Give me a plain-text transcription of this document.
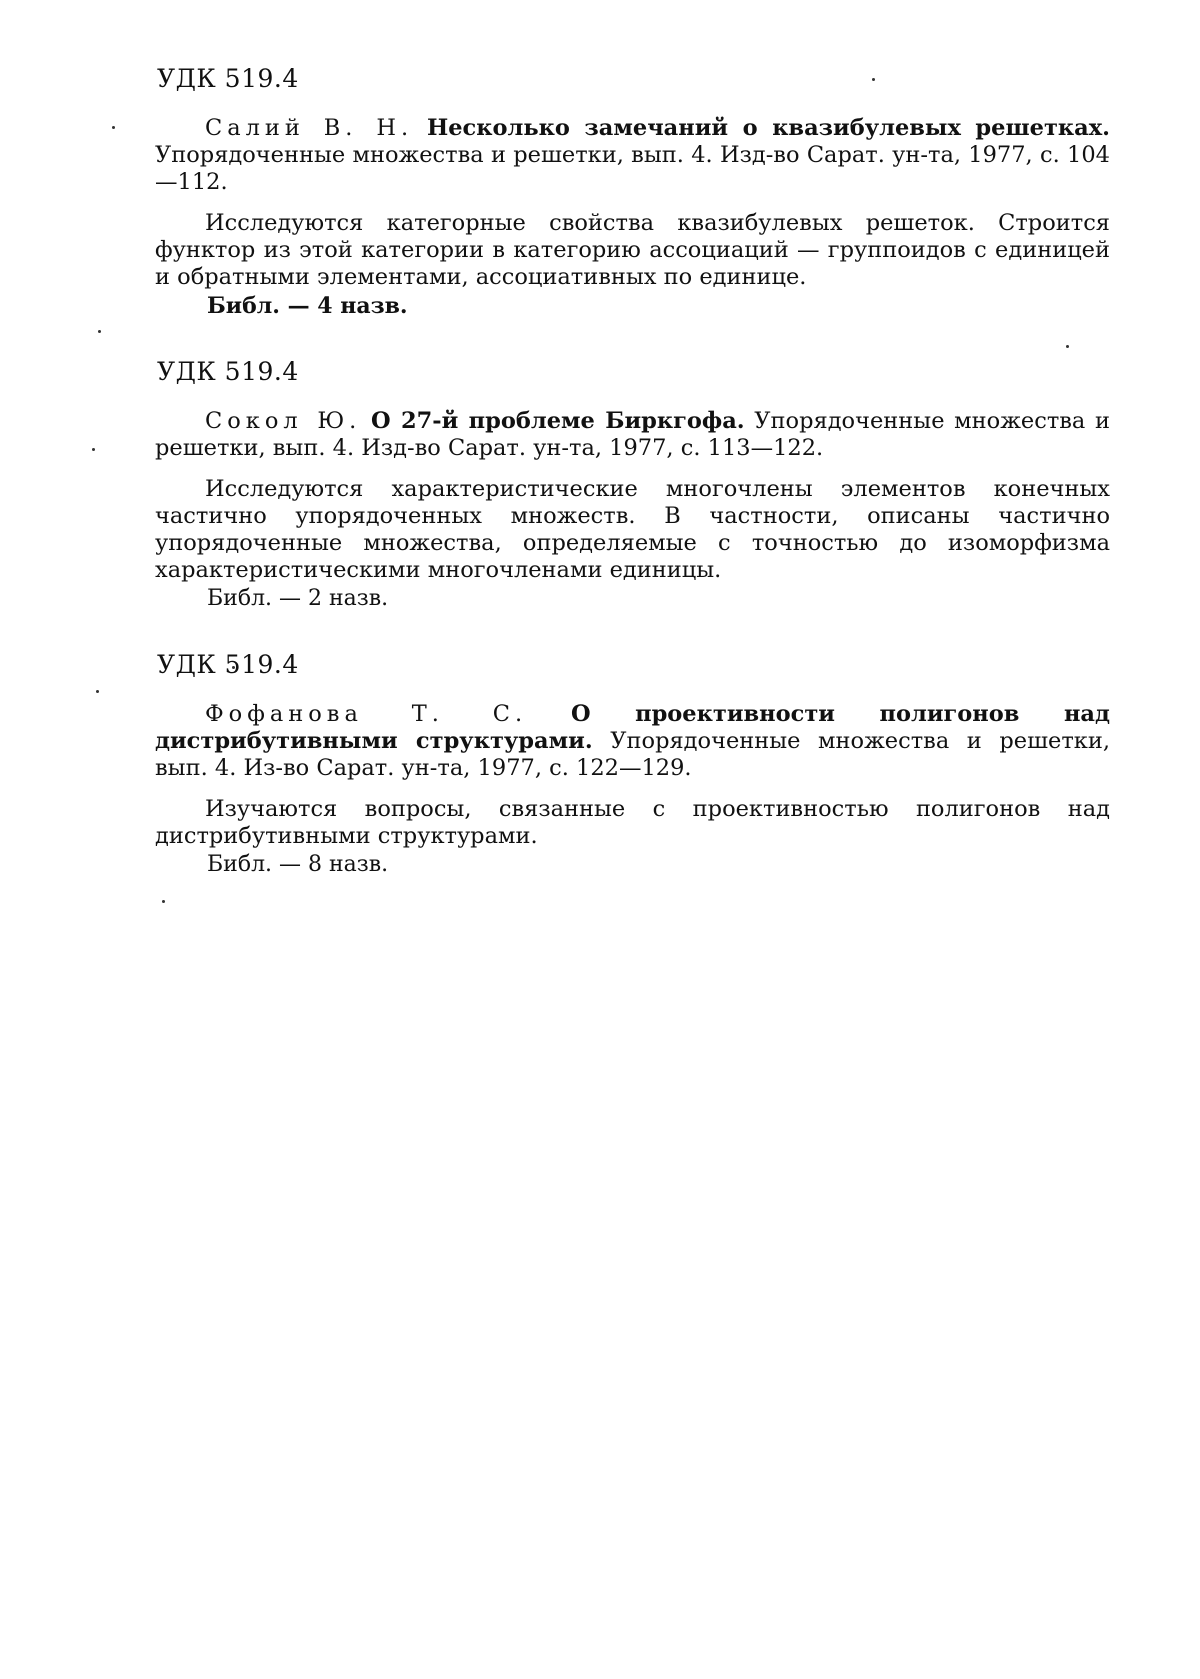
УДК 519.4

Салий В. Н. Несколько замечаний о квазибулевых решетках. Упорядоченные множества и решетки, вып. 4. Изд-во Сарат. ун-та, 1977, с. 104—112.

Исследуются категорные свойства квазибулевых решеток. Строится функтор из этой категории в категорию ассоциаций — группоидов с единицей и обратными элементами, ассоциативных по единице.

Библ. — 4 назв.
УДК 519.4

Сокол Ю. О 27-й проблеме Биркгофа. Упорядоченные множества и решетки, вып. 4. Изд-во Сарат. ун-та, 1977, с. 113—122.

Исследуются характеристические многочлены элементов конечных частично упорядоченных множеств. В частности, описаны частично упорядоченные множества, определяемые с точностью до изоморфизма характеристическими многочленами единицы.

Библ. — 2 назв.
УДК 519.4

Фофанова Т. С. О проективности полигонов над дистрибутивными структурами. Упорядоченные множества и решетки, вып. 4. Из-во Сарат. ун-та, 1977, с. 122—129.

Изучаются вопросы, связанные с проективностью полигонов над дистрибутивными структурами.

Библ. — 8 назв.
